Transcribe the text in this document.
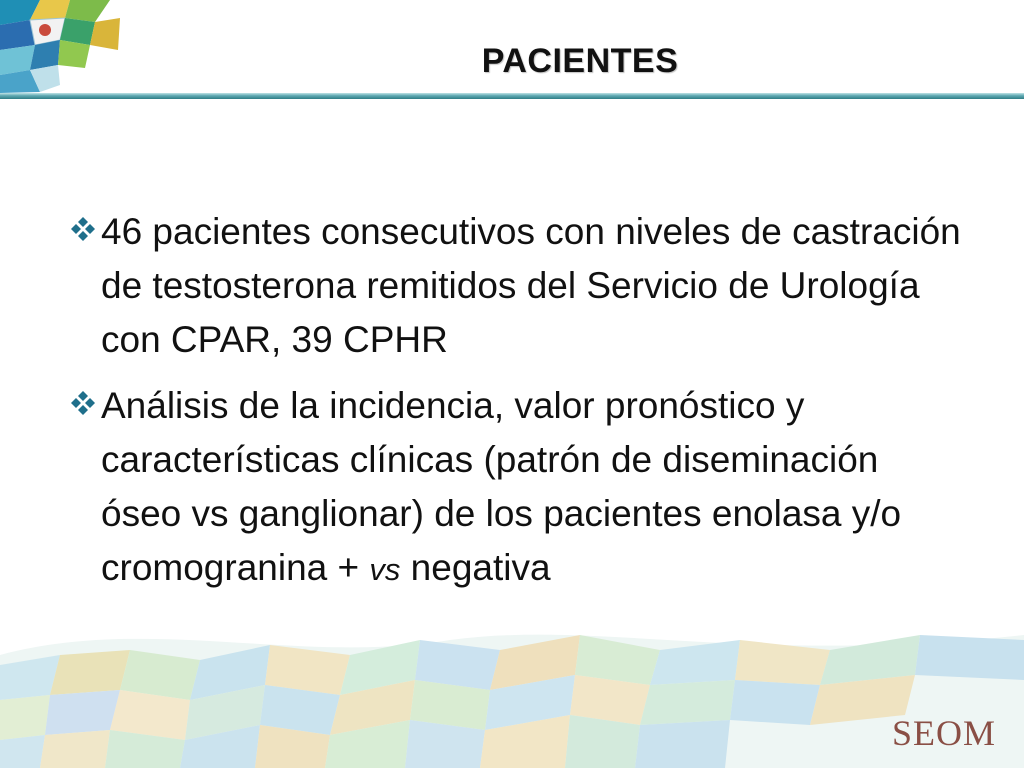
PACIENTES
46 pacientes consecutivos con niveles de castración de testosterona remitidos del Servicio de Urología con CPAR, 39 CPHR
Análisis de la incidencia, valor pronóstico y características clínicas (patrón de diseminación óseo vs ganglionar) de los pacientes enolasa y/o cromogranina + vs negativa
SEOM
